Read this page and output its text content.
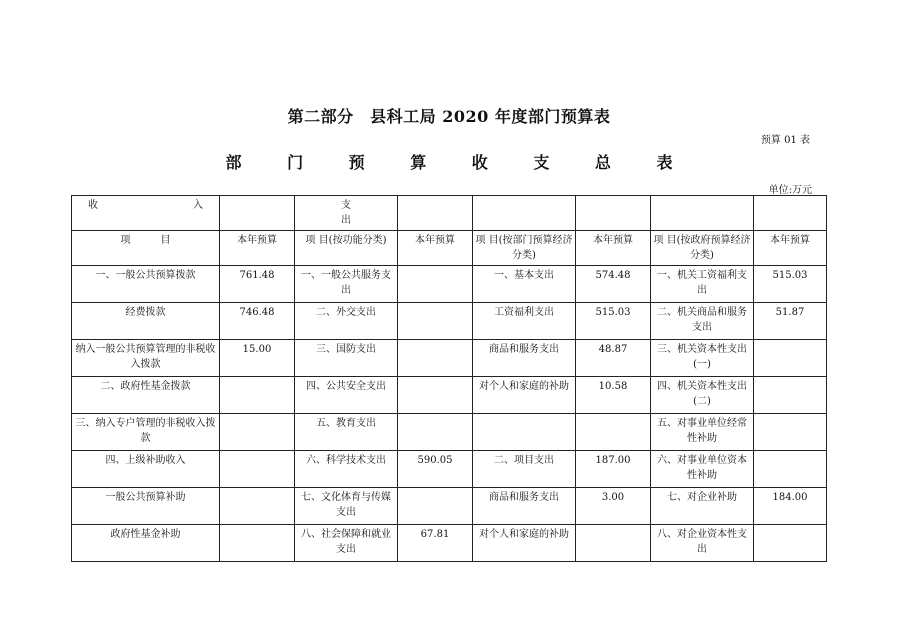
第二部分　县科工局 2020 年度部门预算表
预算 01 表
部 门 预 算 收 支 总 表
单位:万元
收 入		支
出					

项　　　目	本年预算	项 目(按功能分类)	本年预算	项 目(按部门预算经济分类)	本年预算	项 目(按政府预算经济分类)	本年预算
一、一般公共预算拨款	761.48	一、一般公共服务支出		一、基本支出	574.48	一、机关工资福利支出	515.03
经费拨款	746.48	二、外交支出		工资福利支出	515.03	二、机关商品和服务支出	51.87
纳入一般公共预算管理的非税收入拨款	15.00	三、国防支出		商品和服务支出	48.87	三、机关资本性支出(一)	
二、政府性基金拨款		四、公共安全支出		对个人和家庭的补助	10.58	四、机关资本性支出(二)	
三、纳入专户管理的非税收入拨款		五、教育支出				五、对事业单位经常性补助	
四、上级补助收入		六、科学技术支出	590.05	二、项目支出	187.00	六、对事业单位资本性补助	
一般公共预算补助		七、文化体育与传媒支出		商品和服务支出	3.00	七、对企业补助	184.00
政府性基金补助		八、社会保障和就业支出	67.81	对个人和家庭的补助		八、对企业资本性支出	
